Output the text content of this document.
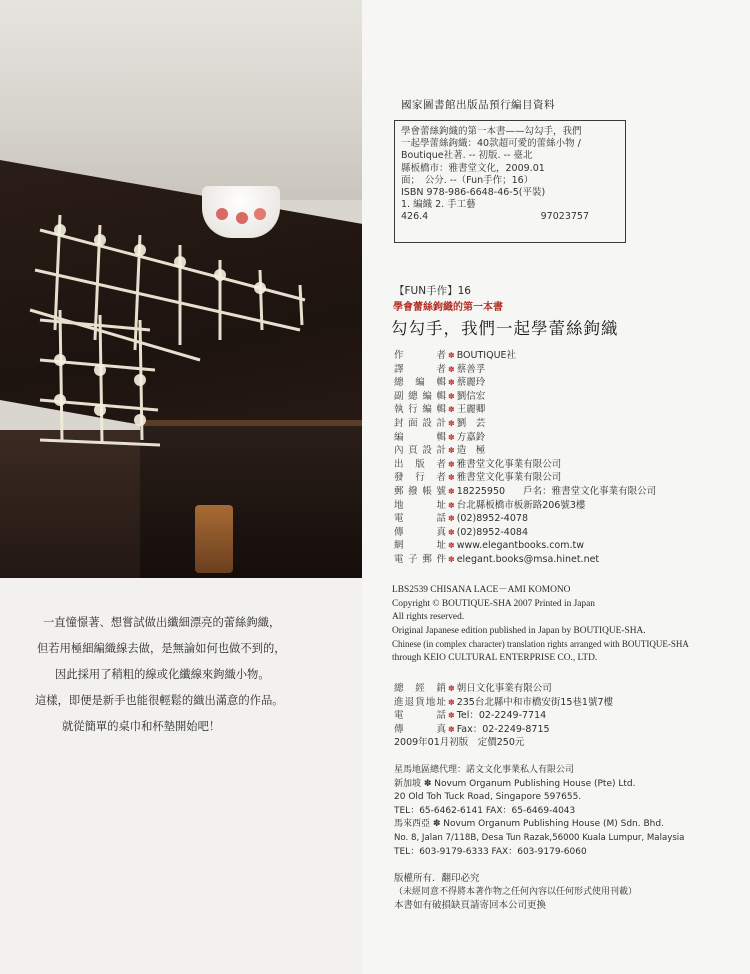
國家圖書館出版品預行編目資料
學會蕾絲鉤織的第一本書——勾勾手，我們
一起學蕾絲鉤織：40款超可愛的蕾絲小物 /
Boutique社著. -- 初版. -- 臺北
縣板橋市：雅書堂文化，2009.01
面；　公分. --（Fun手作；16）
ISBN 978-986-6648-46-5(平裝)
1. 編織 2. 手工藝
426.4	97023757
【FUN手作】16
學會蕾絲鉤織的第一本書
勾勾手，我們一起學蕾絲鉤織
作　者 ✽ BOUTIQUE社
譯　者 ✽ 蔡善孚
總編輯 ✽ 蔡麗玲
副總編輯 ✽ 劉信宏
執行編輯 ✽ 王麗卿
封面設計 ✽ 劉　芸
編　輯 ✽ 方嘉鈴
內頁設計 ✽ 造　極
出版者 ✽ 雅書堂文化事業有限公司
發行者 ✽ 雅書堂文化事業有限公司
郵撥帳號 ✽ 18225950 戶名：雅書堂文化事業有限公司
地　址 ✽ 台北縣板橋市板新路206號3樓
電　話 ✽ (02)8952-4078
傳　真 ✽ (02)8952-4084
網　址 ✽ www.elegantbooks.com.tw
電子郵件 ✽ elegant.books@msa.hinet.net
LBS2539 CHISANA LACE－AMI KOMONO
Copyright © BOUTIQUE-SHA 2007 Printed in Japan
All rights reserved.
Original Japanese edition published in Japan by BOUTIQUE-SHA.
Chinese (in complex character) translation rights arranged with BOUTIQUE-SHA
through KEIO CULTURAL ENTERPRISE CO., LTD.
總經銷 ✽ 朝日文化事業有限公司
進退貨地址 ✽ 235台北縣中和市橋安街15巷1號7樓
電　話 ✽ Tel：02-2249-7714
傳　真 ✽ Fax：02-2249-8715
2009年01月初版　定價250元
星馬地區總代理：諾文文化事業私人有限公司
新加坡 ✽ Novum Organum Publishing House (Pte) Ltd.
20 Old Toh Tuck Road, Singapore 597655.
TEL：65-6462-6141 FAX：65-6469-4043
馬來西亞 ✽ Novum Organum Publishing House (M) Sdn. Bhd.
No. 8, Jalan 7/118B, Desa Tun Razak,56000 Kuala Lumpur, Malaysia
TEL：603-9179-6333 FAX：603-9179-6060
版權所有．翻印必究
（未經同意不得將本著作物之任何內容以任何形式使用刊載）
本書如有破損缺頁請寄回本公司更換
一直憧憬著、想嘗試做出纖細漂亮的蕾絲鉤織，
但若用極細編織線去做，是無論如何也做不到的，
因此採用了稍粗的線或化纖線來鉤織小物。
這樣，即便是新手也能很輕鬆的織出滿意的作品。
就從簡單的桌巾和杯墊開始吧！
